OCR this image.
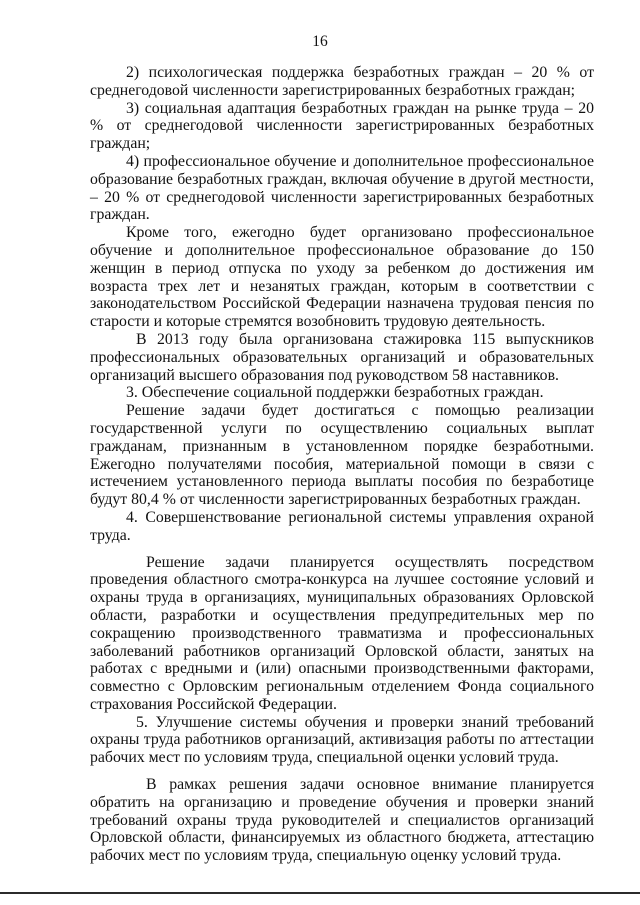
16

2) психологическая поддержка безработных граждан – 20 % от среднегодовой численности зарегистрированных безработных граждан;

3) социальная адаптация безработных граждан на рынке труда – 20 % от среднегодовой численности зарегистрированных безработных граждан;

4) профессиональное обучение и дополнительное профессиональное образование безработных граждан, включая обучение в другой местности, – 20 % от среднегодовой численности зарегистрированных безработных граждан.

Кроме того, ежегодно будет организовано профессиональное обучение и дополнительное профессиональное образование до 150 женщин в период отпуска по уходу за ребенком до достижения им возраста трех лет и незанятых граждан, которым в соответствии с законодательством Российской Федерации назначена трудовая пенсия по старости и которые стремятся возобновить трудовую деятельность.

В 2013 году была организована стажировка 115 выпускников профессиональных образовательных организаций и образовательных организаций высшего образования под руководством 58 наставников.

3. Обеспечение социальной поддержки безработных граждан.

Решение задачи будет достигаться с помощью реализации государственной услуги по осуществлению социальных выплат гражданам, признанным в установленном порядке безработными. Ежегодно получателями пособия, материальной помощи в связи с истечением установленного периода выплаты пособия по безработице будут 80,4 % от численности зарегистрированных безработных граждан.

4. Совершенствование региональной системы управления охраной труда.

Решение задачи планируется осуществлять посредством проведения областного смотра-конкурса на лучшее состояние условий и охраны труда в организациях, муниципальных образованиях Орловской области, разработки и осуществления предупредительных мер по сокращению производственного травматизма и профессиональных заболеваний работников организаций Орловской области, занятых на работах с вредными и (или) опасными производственными факторами, совместно с Орловским региональным отделением Фонда социального страхования Российской Федерации.

5. Улучшение системы обучения и проверки знаний требований охраны труда работников организаций, активизация работы по аттестации рабочих мест по условиям труда, специальной оценки условий труда.

В рамках решения задачи основное внимание планируется обратить на организацию и проведение обучения и проверки знаний требований охраны труда руководителей и специалистов организаций Орловской области, финансируемых из областного бюджета, аттестацию рабочих мест по условиям труда, специальную оценку условий труда.
